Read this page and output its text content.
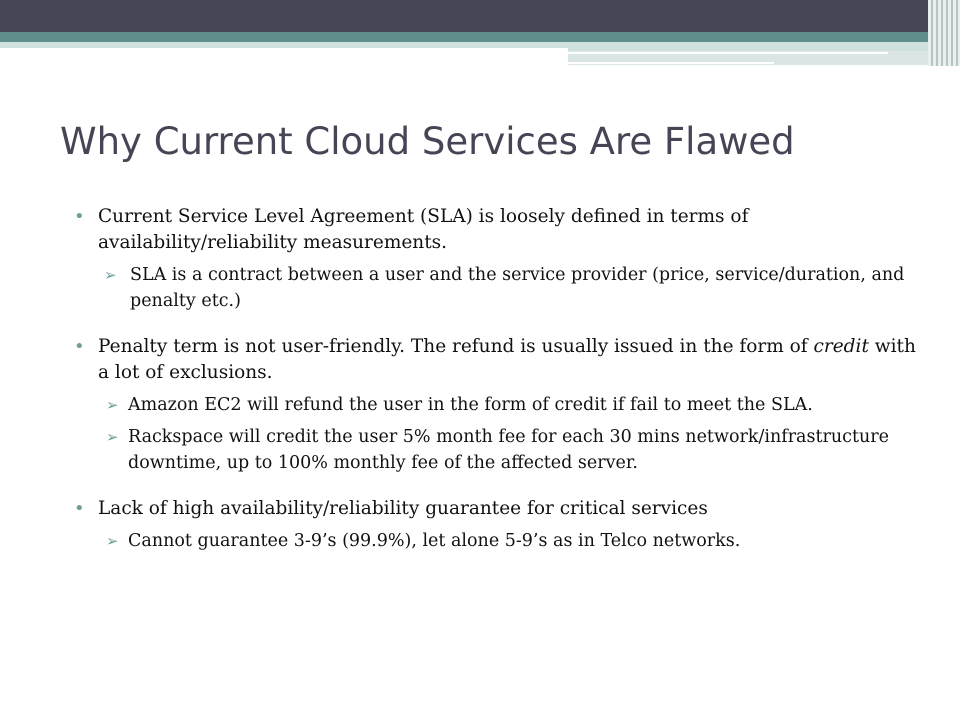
Why Current Cloud Services Are Flawed
• Current Service Level Agreement (SLA) is loosely defined in terms of availability/reliability measurements.
➢ SLA is a contract between a user and the service provider (price, service/duration, and penalty etc.)
• Penalty term is not user-friendly. The refund is usually issued in the form of credit with a lot of exclusions.
➢ Amazon EC2 will refund the user in the form of credit if fail to meet the SLA.
➢ Rackspace will credit the user 5% month fee for each 30 mins network/infrastructure downtime, up to 100% monthly fee of the affected server.
• Lack of high availability/reliability guarantee for critical services
➢ Cannot guarantee 3-9’s (99.9%), let alone 5-9’s as in Telco networks.
